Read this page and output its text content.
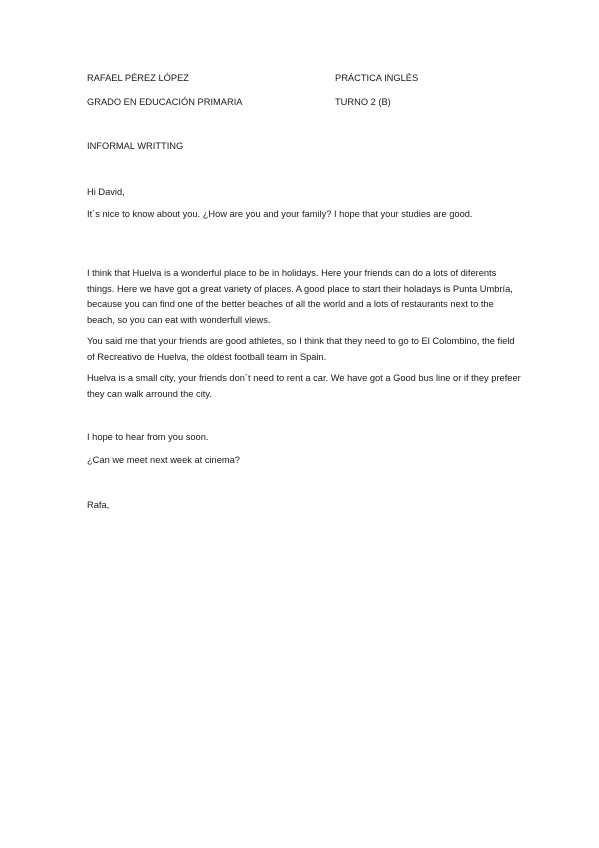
RAFAEL PÉREZ LÓPEZ	PRÁCTICA INGLÉS
GRADO EN EDUCACIÓN PRIMARIA	TURNO 2 (B)

INFORMAL WRITTING

Hi David,

It´s nice to know about you. ¿How are you and your family? I hope that your studies are good.

I think that Huelva is a wonderful place to be in holidays. Here your friends can do a lots of diferents things. Here we have got a great variety of places. A good place to start their holadays is Punta Umbría, because you can find one of the better beaches of all the world and a lots of restaurants next to the beach, so you can eat with wonderfull views.

You said me that your friends are good athletes, so I think that they need to go to El Colombino, the field of Recreativo de Huelva, the oldest football team in Spain.

Huelva is a small city, your friends don´t need to rent a car. We have got a Good bus line or if they prefeer they can walk arround the city.

I hope to hear from you soon.

¿Can we meet next week at cinema?

Rafa,
